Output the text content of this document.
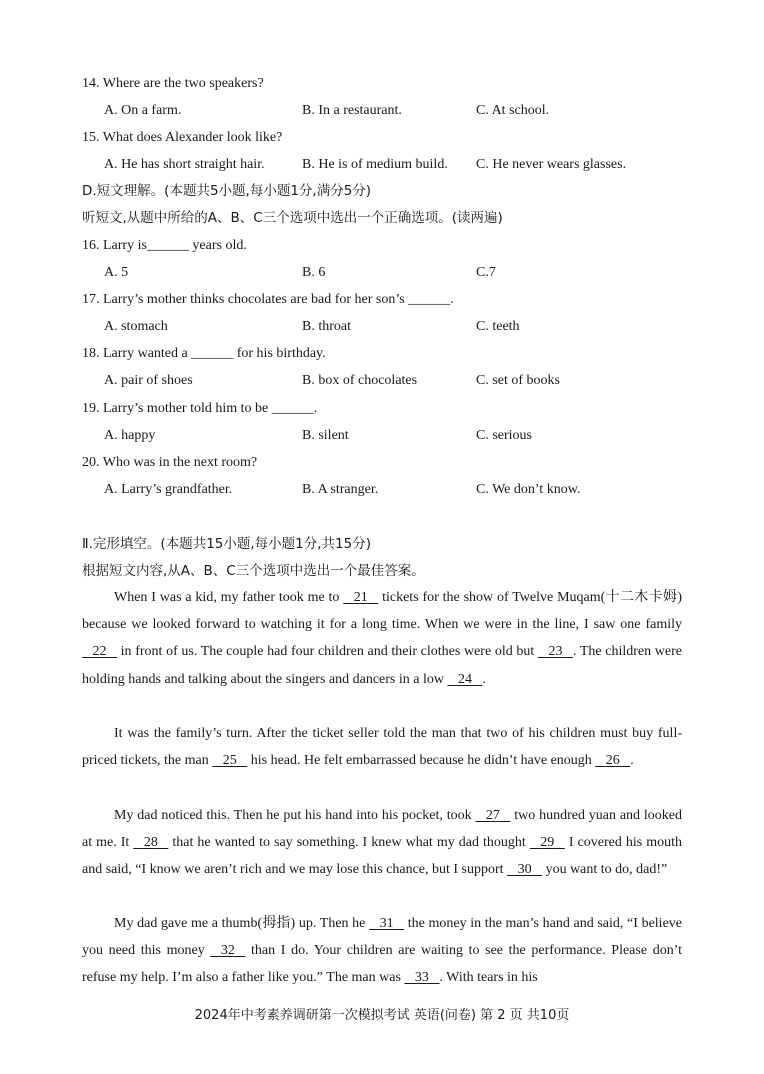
14. Where are the two speakers?
A. On a farm.	B. In a restaurant.	C. At school.
15. What does Alexander look like?
A. He has short straight hair.	B. He is of medium build. C. He never wears glasses.
D.短文理解。(本题共5小题,每小题1分,满分5分)
听短文,从题中所给的A、B、C三个选项中选出一个正确选项。(读两遍)
16. Larry is______ years old.
A. 5	B. 6	C.7
17. Larry’s mother thinks chocolates are bad for her son’s ______.
A. stomach	B. throat	C. teeth
18. Larry wanted a ______ for his birthday.
A. pair of shoes	B. box of chocolates	C. set of books
19. Larry’s mother told him to be ______.
A. happy	B. silent	C. serious
20. Who was in the next room?
A. Larry’s grandfather.	B. A stranger.	C. We don’t know.
Ⅱ.完形填空。(本题共15小题,每小题1分,共15分)
根据短文内容,从A、B、C三个选项中选出一个最佳答案。
When I was a kid, my father took me to    21    tickets for the show of Twelve Muqam(十二木卡姆) because we looked forward to watching it for a long time. When we were in the line, I saw one family    22    in front of us. The couple had four children and their clothes were old but    23 . The children were holding hands and talking about the singers and dancers in a low    24 .
It was the family’s turn. After the ticket seller told the man that two of his children must buy full-priced tickets, the man    25    his head. He felt embarrassed because he didn’t have enough    26 .
My dad noticed this. Then he put his hand into his pocket, took    27    two hundred yuan and looked at me. It    28    that he wanted to say something. I knew what my dad thought    29    I covered his mouth and said, “I know we aren’t rich and we may lose this chance, but I support    30    you want to do, dad!”
My dad gave me a thumb(拇指) up. Then he    31    the money in the man’s hand and said, “I believe you need this money    32    than I do. Your children are waiting to see the performance. Please don’t refuse my help. I’m also a father like you.” The man was    33 . With tears in his
2024年中考素养调研第一次模拟考试 英语(问卷) 第 2 页 共10页
